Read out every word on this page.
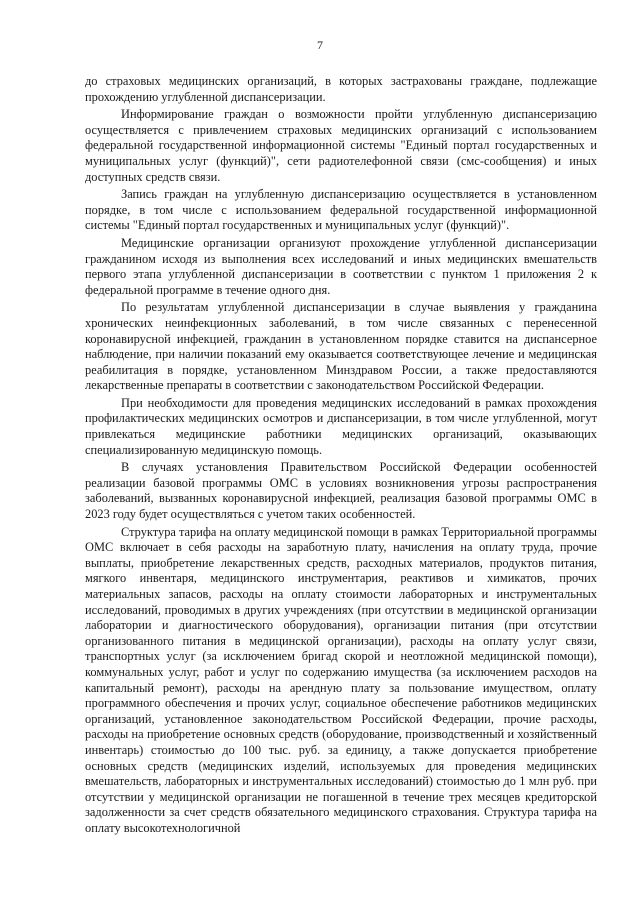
7

до страховых медицинских организаций, в которых застрахованы граждане, подлежащие прохождению углубленной диспансеризации.

Информирование граждан о возможности пройти углубленную диспансеризацию осуществляется с привлечением страховых медицинских организаций с использованием федеральной государственной информационной системы "Единый портал государственных и муниципальных услуг (функций)", сети радиотелефонной связи (смс-сообщения) и иных доступных средств связи.

Запись граждан на углубленную диспансеризацию осуществляется в установленном порядке, в том числе с использованием федеральной государственной информационной системы "Единый портал государственных и муниципальных услуг (функций)".

Медицинские организации организуют прохождение углубленной диспансеризации гражданином исходя из выполнения всех исследований и иных медицинских вмешательств первого этапа углубленной диспансеризации в соответствии с пунктом 1 приложения 2 к федеральной программе в течение одного дня.

По результатам углубленной диспансеризации в случае выявления у гражданина хронических неинфекционных заболеваний, в том числе связанных с перенесенной коронавирусной инфекцией, гражданин в установленном порядке ставится на диспансерное наблюдение, при наличии показаний ему оказывается соответствующее лечение и медицинская реабилитация в порядке, установленном Минздравом России, а также предоставляются лекарственные препараты в соответствии с законодательством Российской Федерации.

При необходимости для проведения медицинских исследований в рамках прохождения профилактических медицинских осмотров и диспансеризации, в том числе углубленной, могут привлекаться медицинские работники медицинских организаций, оказывающих специализированную медицинскую помощь.

В случаях установления Правительством Российской Федерации особенностей реализации базовой программы ОМС в условиях возникновения угрозы распространения заболеваний, вызванных коронавирусной инфекцией, реализация базовой программы ОМС в 2023 году будет осуществляться с учетом таких особенностей.

Структура тарифа на оплату медицинской помощи в рамках Территориальной программы ОМС включает в себя расходы на заработную плату, начисления на оплату труда, прочие выплаты, приобретение лекарственных средств, расходных материалов, продуктов питания, мягкого инвентаря, медицинского инструментария, реактивов и химикатов, прочих материальных запасов, расходы на оплату стоимости лабораторных и инструментальных исследований, проводимых в других учреждениях (при отсутствии в медицинской организации лаборатории и диагностического оборудования), организации питания (при отсутствии организованного питания в медицинской организации), расходы на оплату услуг связи, транспортных услуг (за исключением бригад скорой и неотложной медицинской помощи), коммунальных услуг, работ и услуг по содержанию имущества (за исключением расходов на капитальный ремонт), расходы на арендную плату за пользование имуществом, оплату программного обеспечения и прочих услуг, социальное обеспечение работников медицинских организаций, установленное законодательством Российской Федерации, прочие расходы, расходы на приобретение основных средств (оборудование, производственный и хозяйственный инвентарь) стоимостью до 100 тыс. руб. за единицу, а также допускается приобретение основных средств (медицинских изделий, используемых для проведения медицинских вмешательств, лабораторных и инструментальных исследований) стоимостью до 1 млн руб. при отсутствии у медицинской организации не погашенной в течение трех месяцев кредиторской задолженности за счет средств обязательного медицинского страхования. Структура тарифа на оплату высокотехнологичной
